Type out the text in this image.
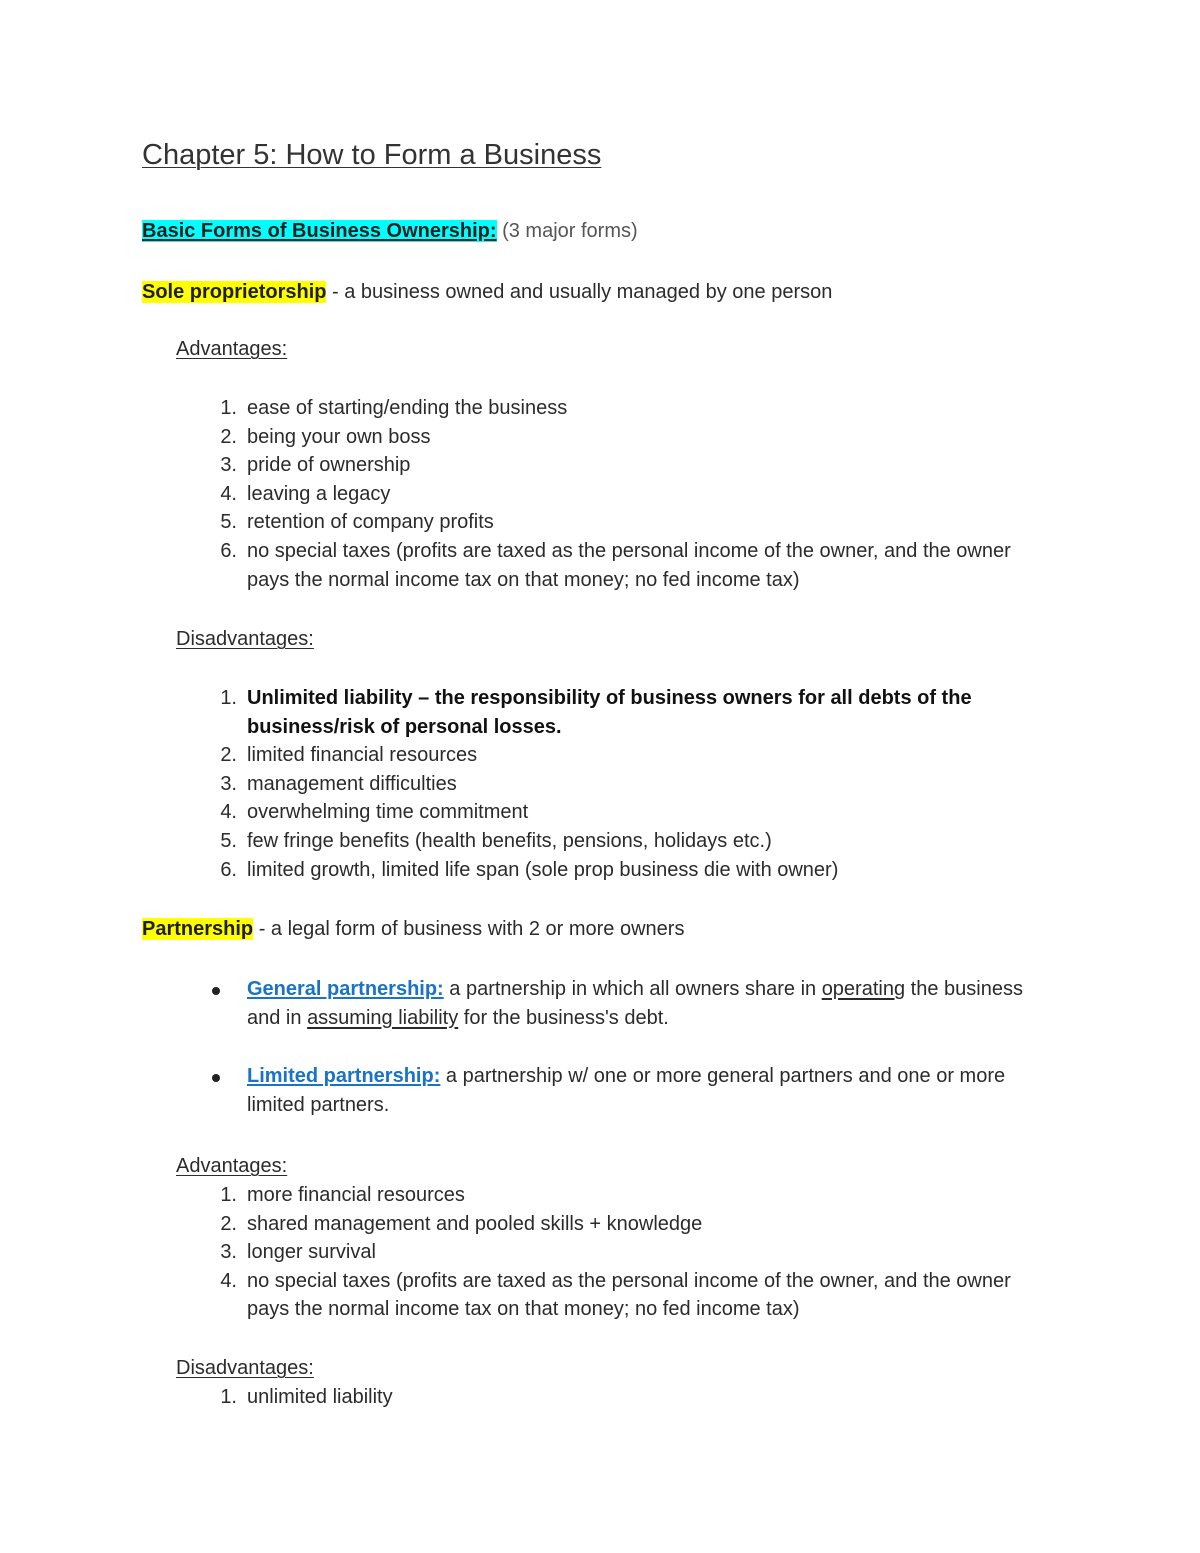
Chapter 5: How to Form a Business
Basic Forms of Business Ownership: (3 major forms)
Sole proprietorship - a business owned and usually managed by one person
Advantages:
1. ease of starting/ending the business
2. being your own boss
3. pride of ownership
4. leaving a legacy
5. retention of company profits
6. no special taxes (profits are taxed as the personal income of the owner, and the owner pays the normal income tax on that money; no fed income tax)
Disadvantages:
1. Unlimited liability – the responsibility of business owners for all debts of the business/risk of personal losses.
2. limited financial resources
3. management difficulties
4. overwhelming time commitment
5. few fringe benefits (health benefits, pensions, holidays etc.)
6. limited growth, limited life span (sole prop business die with owner)
Partnership - a legal form of business with 2 or more owners
General partnership: a partnership in which all owners share in operating the business and in assuming liability for the business's debt.
Limited partnership: a partnership w/ one or more general partners and one or more limited partners.
Advantages:
1. more financial resources
2. shared management and pooled skills + knowledge
3. longer survival
4. no special taxes (profits are taxed as the personal income of the owner, and the owner pays the normal income tax on that money; no fed income tax)
Disadvantages:
1. unlimited liability
